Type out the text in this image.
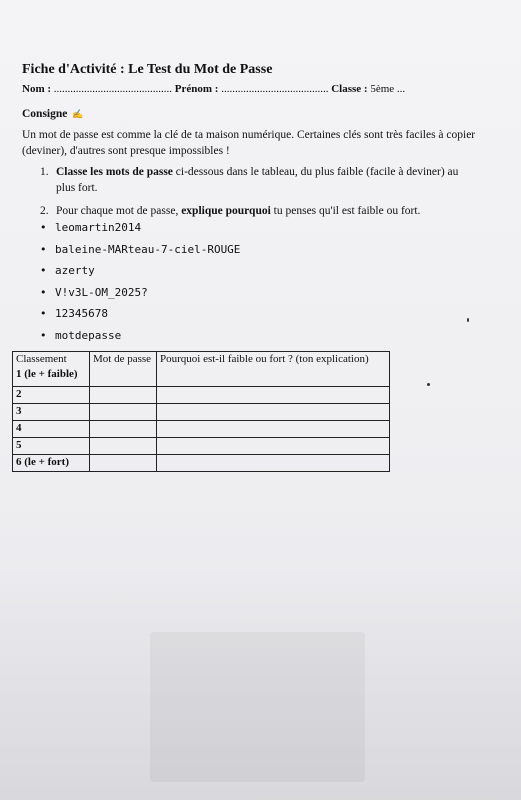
Fiche d'Activité : Le Test du Mot de Passe
Nom : ........................................... Prénom : ....................................... Classe : 5ème ...
Consigne ✍
Un mot de passe est comme la clé de ta maison numérique. Certaines clés sont très faciles à copier (deviner), d'autres sont presque impossibles !
1. Classe les mots de passe ci-dessous dans le tableau, du plus faible (facile à deviner) au plus fort.
2. Pour chaque mot de passe, explique pourquoi tu penses qu'il est faible ou fort.
• leomartin2014
• baleine-MARteau-7-ciel-ROUGE
• azerty
• V!v3L-OM_2025?
• 12345678
• motdepasse
Classement
1 (le + faible)	Mot de passe	Pourquoi est-il faible ou fort ? (ton explication)
2		
3		
4		
5		
6 (le + fort)		
